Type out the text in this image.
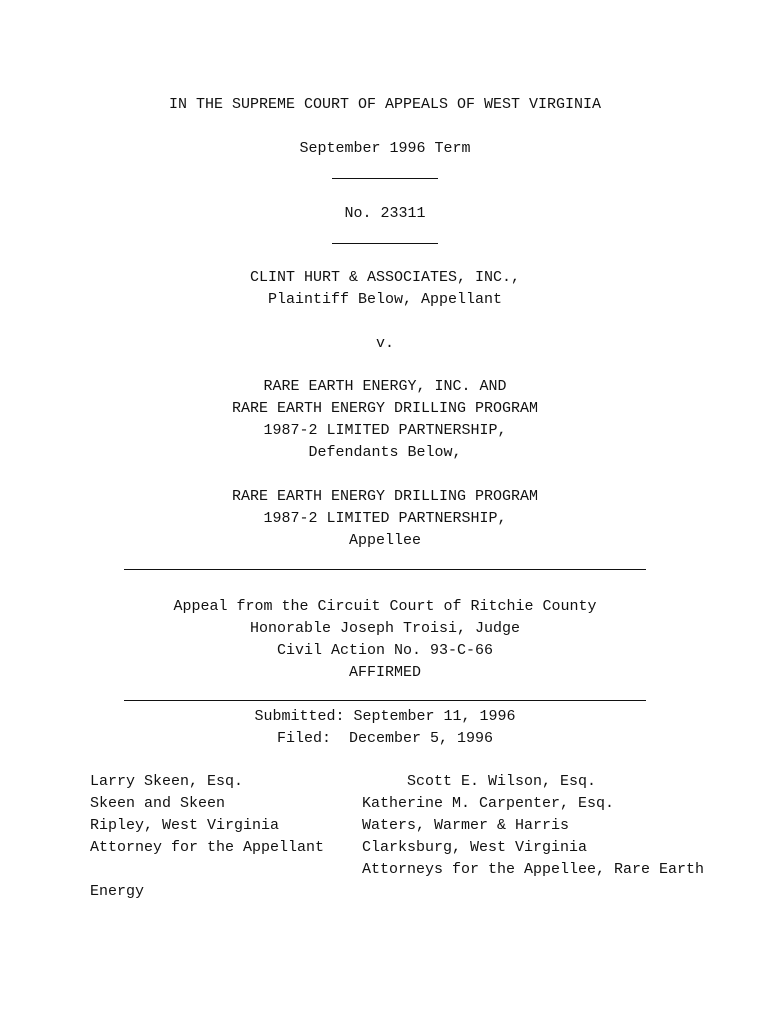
IN THE SUPREME COURT OF APPEALS OF WEST VIRGINIA
September 1996 Term
No. 23311
CLINT HURT & ASSOCIATES, INC.,
Plaintiff Below, Appellant
v.
RARE EARTH ENERGY, INC. AND
RARE EARTH ENERGY DRILLING PROGRAM
1987-2 LIMITED PARTNERSHIP,
Defendants Below,
RARE EARTH ENERGY DRILLING PROGRAM
1987-2 LIMITED PARTNERSHIP,
Appellee
Appeal from the Circuit Court of Ritchie County
Honorable Joseph Troisi, Judge
Civil Action No. 93-C-66
AFFIRMED
Submitted: September 11, 1996
Filed:  December 5, 1996
Larry Skeen, Esq.
Skeen and Skeen
Ripley, West Virginia
Attorney for the Appellant
Scott E. Wilson, Esq.
Katherine M. Carpenter, Esq.
Waters, Warmer & Harris
Clarksburg, West Virginia
Attorneys for the Appellee, Rare Earth
Energy
